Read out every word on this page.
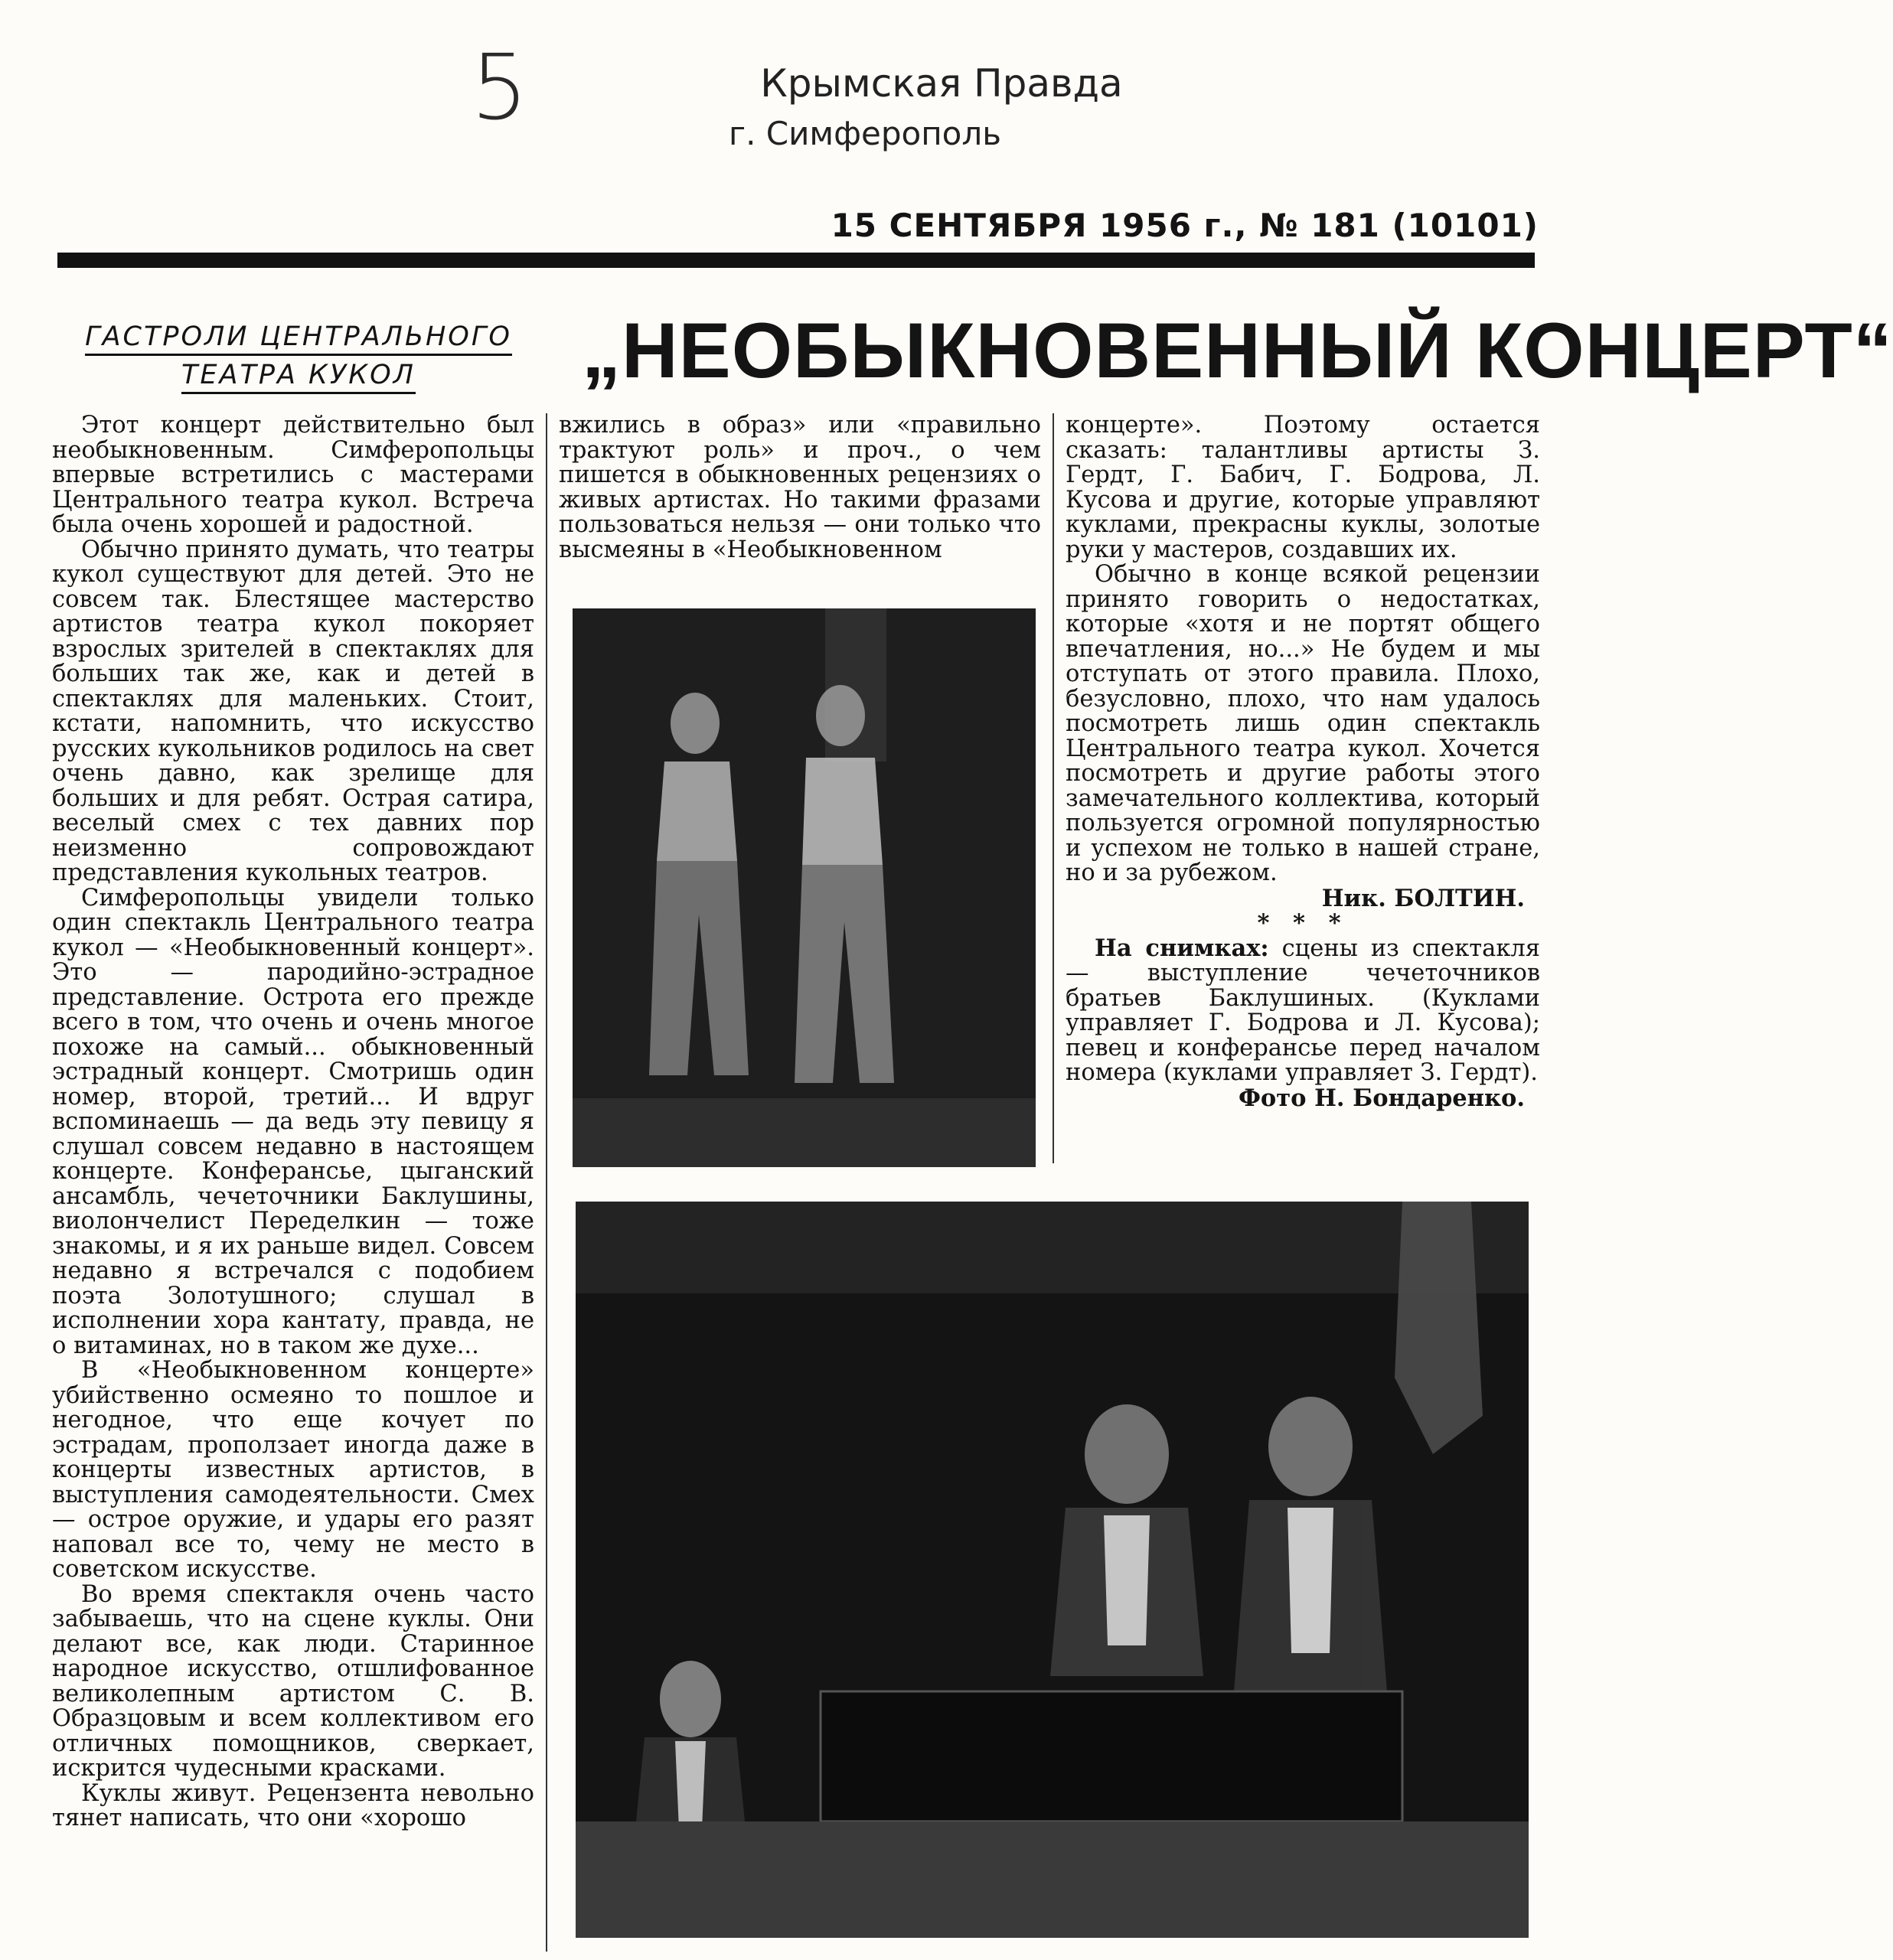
5	Крымская Правда
г. Симферополь
15 СЕНТЯБРЯ 1956 г., № 181 (10101)
ГАСТРОЛИ ЦЕНТРАЛЬНОГО
ТЕАТРА КУКОЛ	„НЕОБЫКНОВЕННЫЙ КОНЦЕРТ“

Этот концерт действительно был необыкновенным. Симферопольцы впервые встретились с мастерами Центрального театра кукол. Встреча была очень хорошей и радостной.

Обычно принято думать, что театры кукол существуют для детей. Это не совсем так. Блестящее мастерство артистов театра кукол покоряет взрослых зрителей в спектаклях для больших так же, как и детей в спектаклях для маленьких. Стоит, кстати, напомнить, что искусство русских кукольников родилось на свет очень давно, как зрелище для больших и для ребят. Острая сатира, веселый смех с тех давних пор неизменно сопровождают представления кукольных театров.

Симферопольцы увидели только один спектакль Центрального театра кукол — «Необыкновенный концерт». Это — пародийно-эстрадное представление. Острота его прежде всего в том, что очень и очень многое похоже на самый... обыкновенный эстрадный концерт. Смотришь один номер, второй, третий... И вдруг вспоминаешь — да ведь эту певицу я слушал совсем недавно в настоящем концерте. Конферансье, цыганский ансамбль, чечеточники Баклушины, виолончелист Переделкин — тоже знакомы, и я их раньше видел. Совсем недавно я встречался с подобием поэта Золотушного; слушал в исполнении хора кантату, правда, не о витаминах, но в таком же духе...

В «Необыкновенном концерте» убийственно осмеяно то пошлое и негодное, что еще кочует по эстрадам, проползает иногда даже в концерты известных артистов, в выступления самодеятельности. Смех — острое оружие, и удары его разят наповал все то, чему не место в советском искусстве.

Во время спектакля очень часто забываешь, что на сцене куклы. Они делают все, как люди. Старинное народное искусство, отшлифованное великолепным артистом С. В. Образцовым и всем коллективом его отличных помощников, сверкает, искрится чудесными красками.

Куклы живут. Рецензента невольно тянет написать, что они «хорошо

вжились в образ» или «правильно трактуют роль» и проч., о чем пишется в обыкновенных рецензиях о живых артистах. Но такими фразами пользоваться нельзя — они только что высмеяны в «Необыкновенном

концерте». Поэтому остается сказать: талантливы артисты З. Гердт, Г. Бабич, Г. Бодрова, Л. Кусова и другие, которые управляют куклами, прекрасны куклы, золотые руки у мастеров, создавших их.

Обычно в конце всякой рецензии принято говорить о недостатках, которые «хотя и не портят общего впечатления, но...» Не будем и мы отступать от этого правила. Плохо, безусловно, плохо, что нам удалось посмотреть лишь один спектакль Центрального театра кукол. Хочется посмотреть и другие работы этого замечательного коллектива, который пользуется огромной популярностью и успехом не только в нашей стране, но и за рубежом.

Ник. БОЛТИН.

* * *

На снимках: сцены из спектакля — выступление чечеточников братьев Баклушиных. (Куклами управляет Г. Бодрова и Л. Кусова); певец и конферансье перед началом номера (куклами управляет З. Гердт).

Фото Н. Бондаренко.
